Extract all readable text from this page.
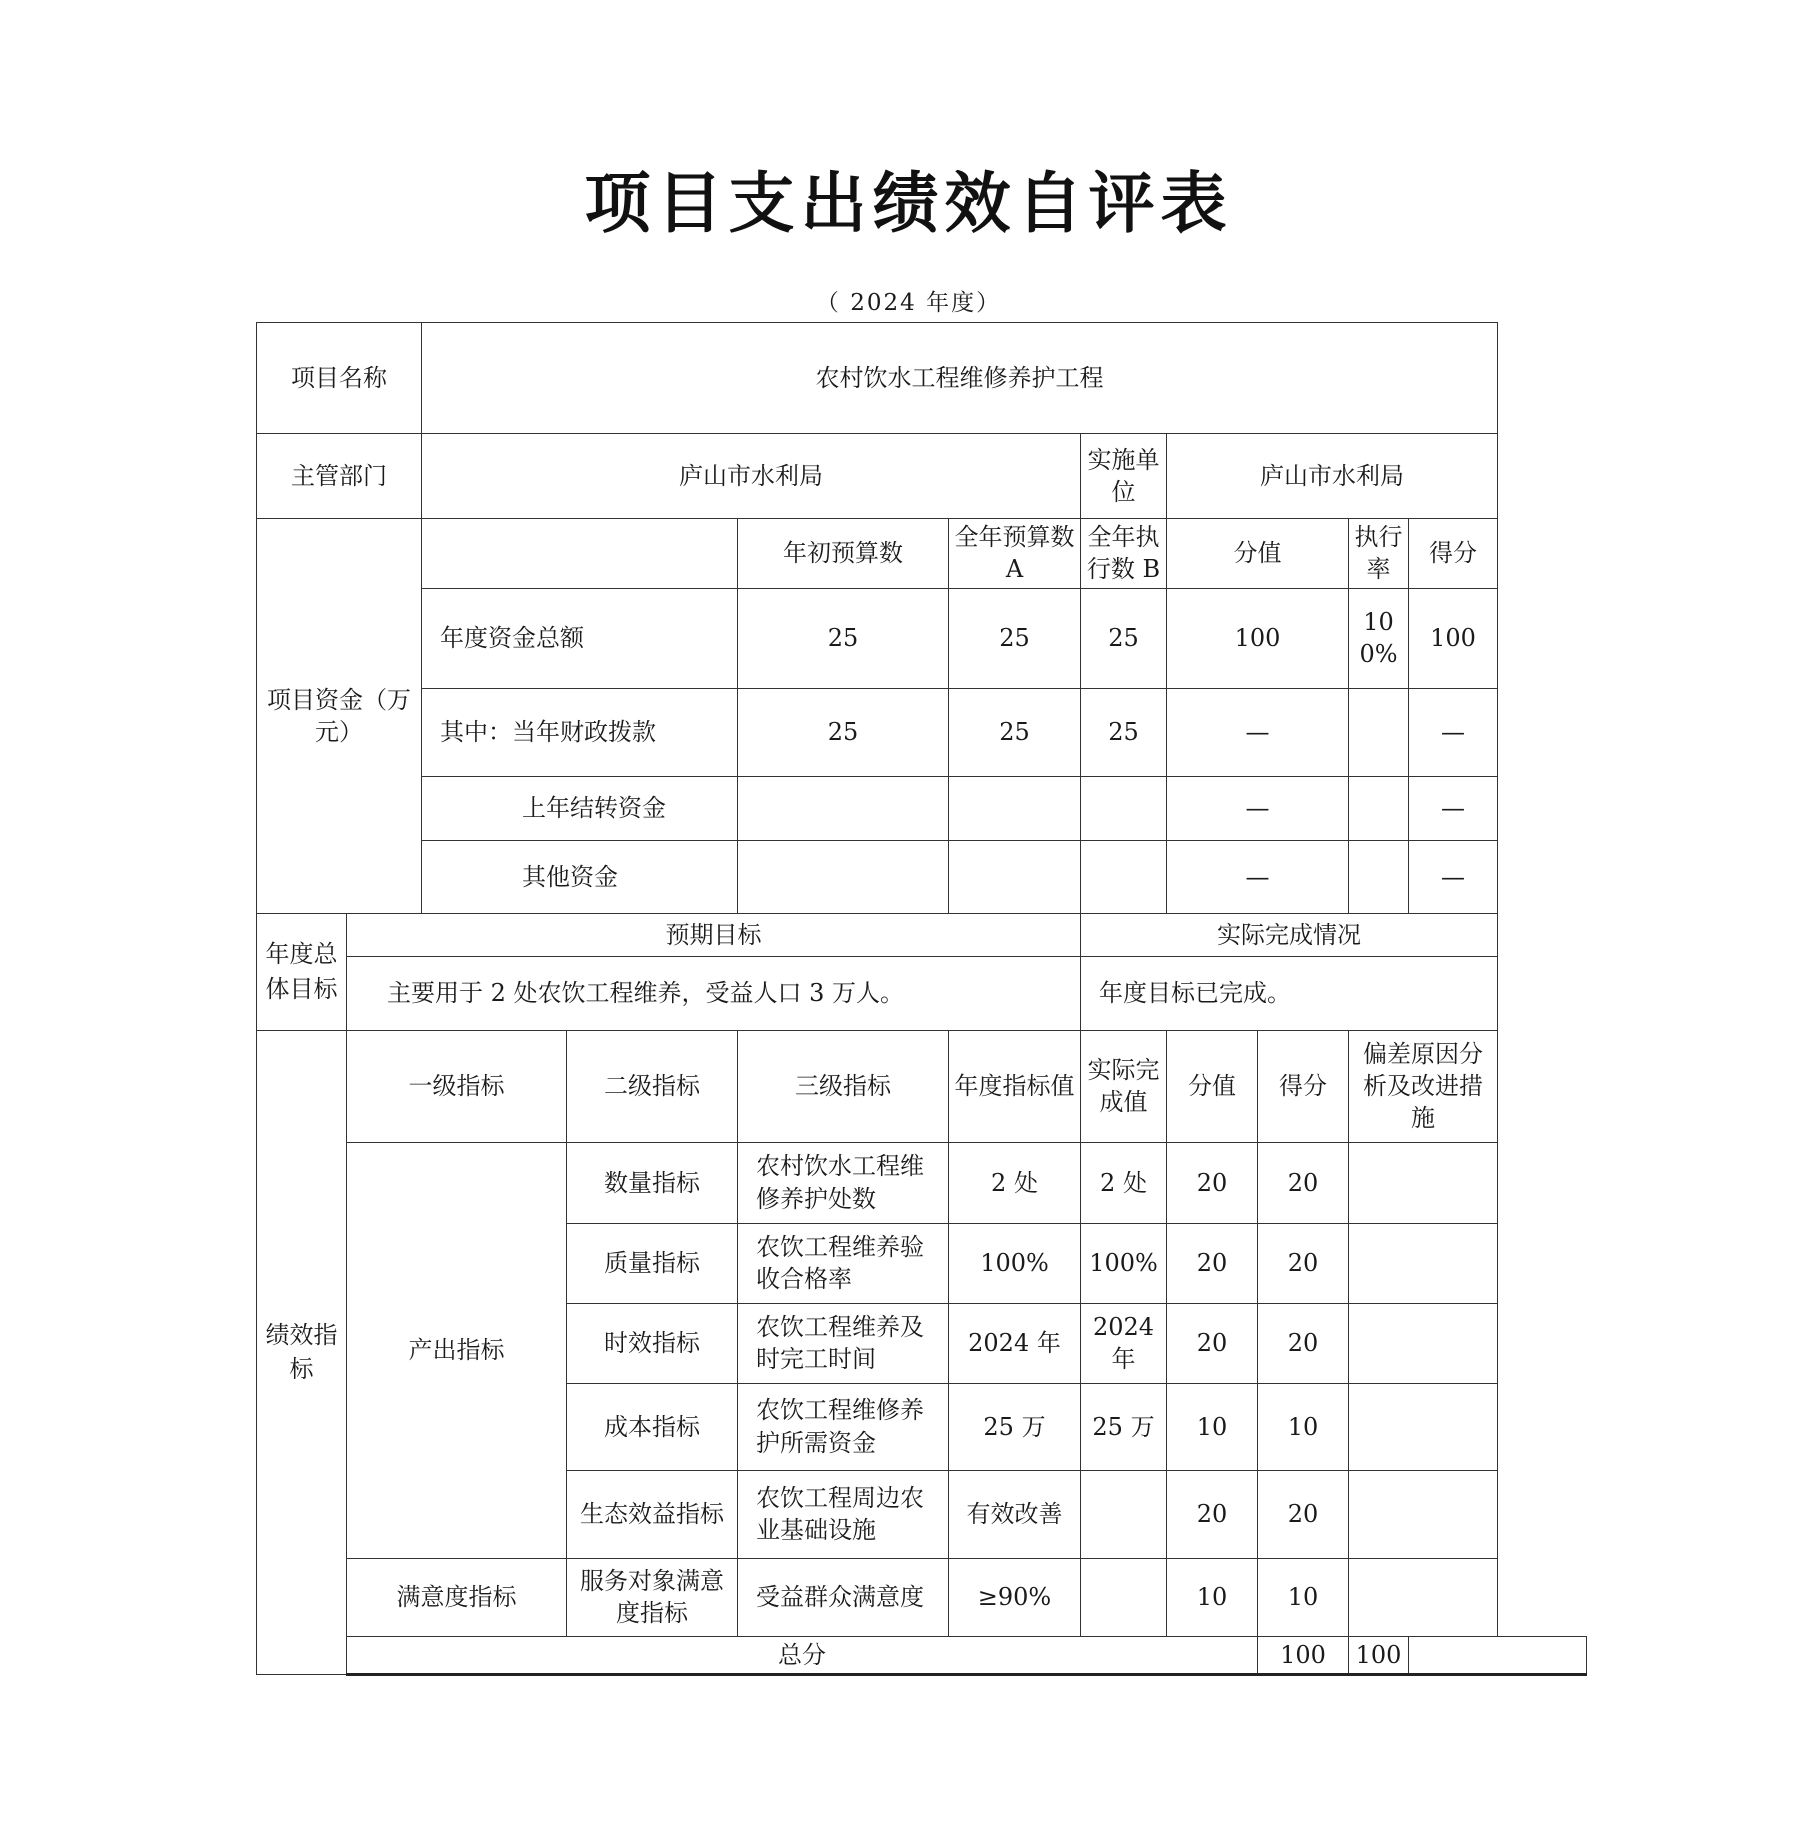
项目支出绩效自评表
（ 2024 年度）
项目名称		农村饮水工程维修养护工程								
主管部门		庐山市水利局				实施单位	庐山市水利局			
项目资金（万元）				年初预算数	全年预算数 A	全年执行数 B	分值		执行率	得分
		年度资金总额		25	25	25	100		100%	100
		其中：当年财政拨款		25	25	25	—			—
		上年结转资金					—			—
		其他资金					—			—
年度总体目标	预期目标					实际完成情况				
	主要用于 2 处农饮工程维养，受益人口 3 万人。					年度目标已完成。				
绩效指标	一级指标		二级指标	三级指标	年度指标值	实际完成值	分值	得分	偏差原因分析及改进措施	
	产出指标		数量指标	农村饮水工程维修养护处数	2 处	2 处	20	20		
			质量指标	农饮工程维养验收合格率	100%	100%	20	20		
			时效指标	农饮工程维养及时完工时间	2024 年	2024 年	20	20		
			成本指标	农饮工程维修养护所需资金	25 万	25 万	10	10		
			生态效益指标	农饮工程周边农业基础设施	有效改善		20	20		
	满意度指标		服务对象满意度指标	受益群众满意度	≥90%		10	10		
	总分							100	100	
